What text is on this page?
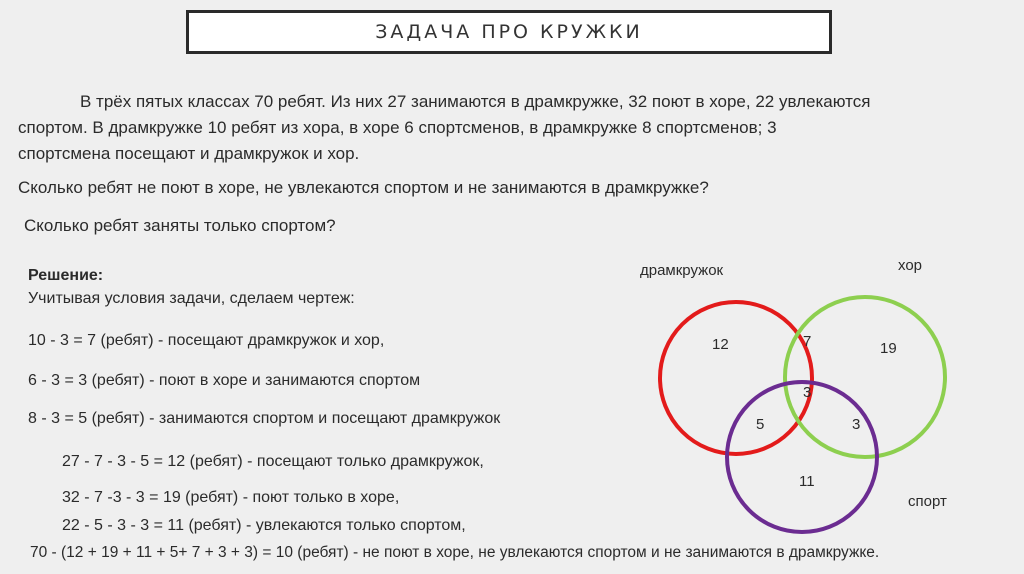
ЗАДАЧА ПРО КРУЖКИ
В трёх пятых классах 70 ребят. Из них 27 занимаются в драмкружке, 32 поют в хоре, 22 увлекаются
спортом. В драмкружке 10 ребят из хора, в хоре 6 спортсменов, в драмкружке 8 спортсменов; 3
спортсмена посещают и драмкружок и хор.
Сколько ребят не поют в хоре, не увлекаются спортом и не занимаются в драмкружке?
Сколько ребят заняты только спортом?
Решение:
Учитывая условия задачи, сделаем чертеж:
10 - 3 = 7 (ребят) - посещают драмкружок и хор,
6 - 3 = 3 (ребят) - поют в хоре и занимаются спортом
8 - 3 = 5 (ребят) - занимаются спортом и посещают драмкружок
27 - 7 - 3 - 5 = 12 (ребят) - посещают только драмкружок,
32 - 7 -3 - 3 = 19 (ребят) - поют только в хоре,
22 - 5 - 3 - 3 = 11 (ребят) - увлекаются только спортом,
70 - (12 + 19 + 11 + 5+ 7 + 3 + 3) = 10 (ребят) - не поют в хоре, не увлекаются спортом и не занимаются в драмкружке.
драмкружок	хор
спорт
12	7	19
3
5	3
11
